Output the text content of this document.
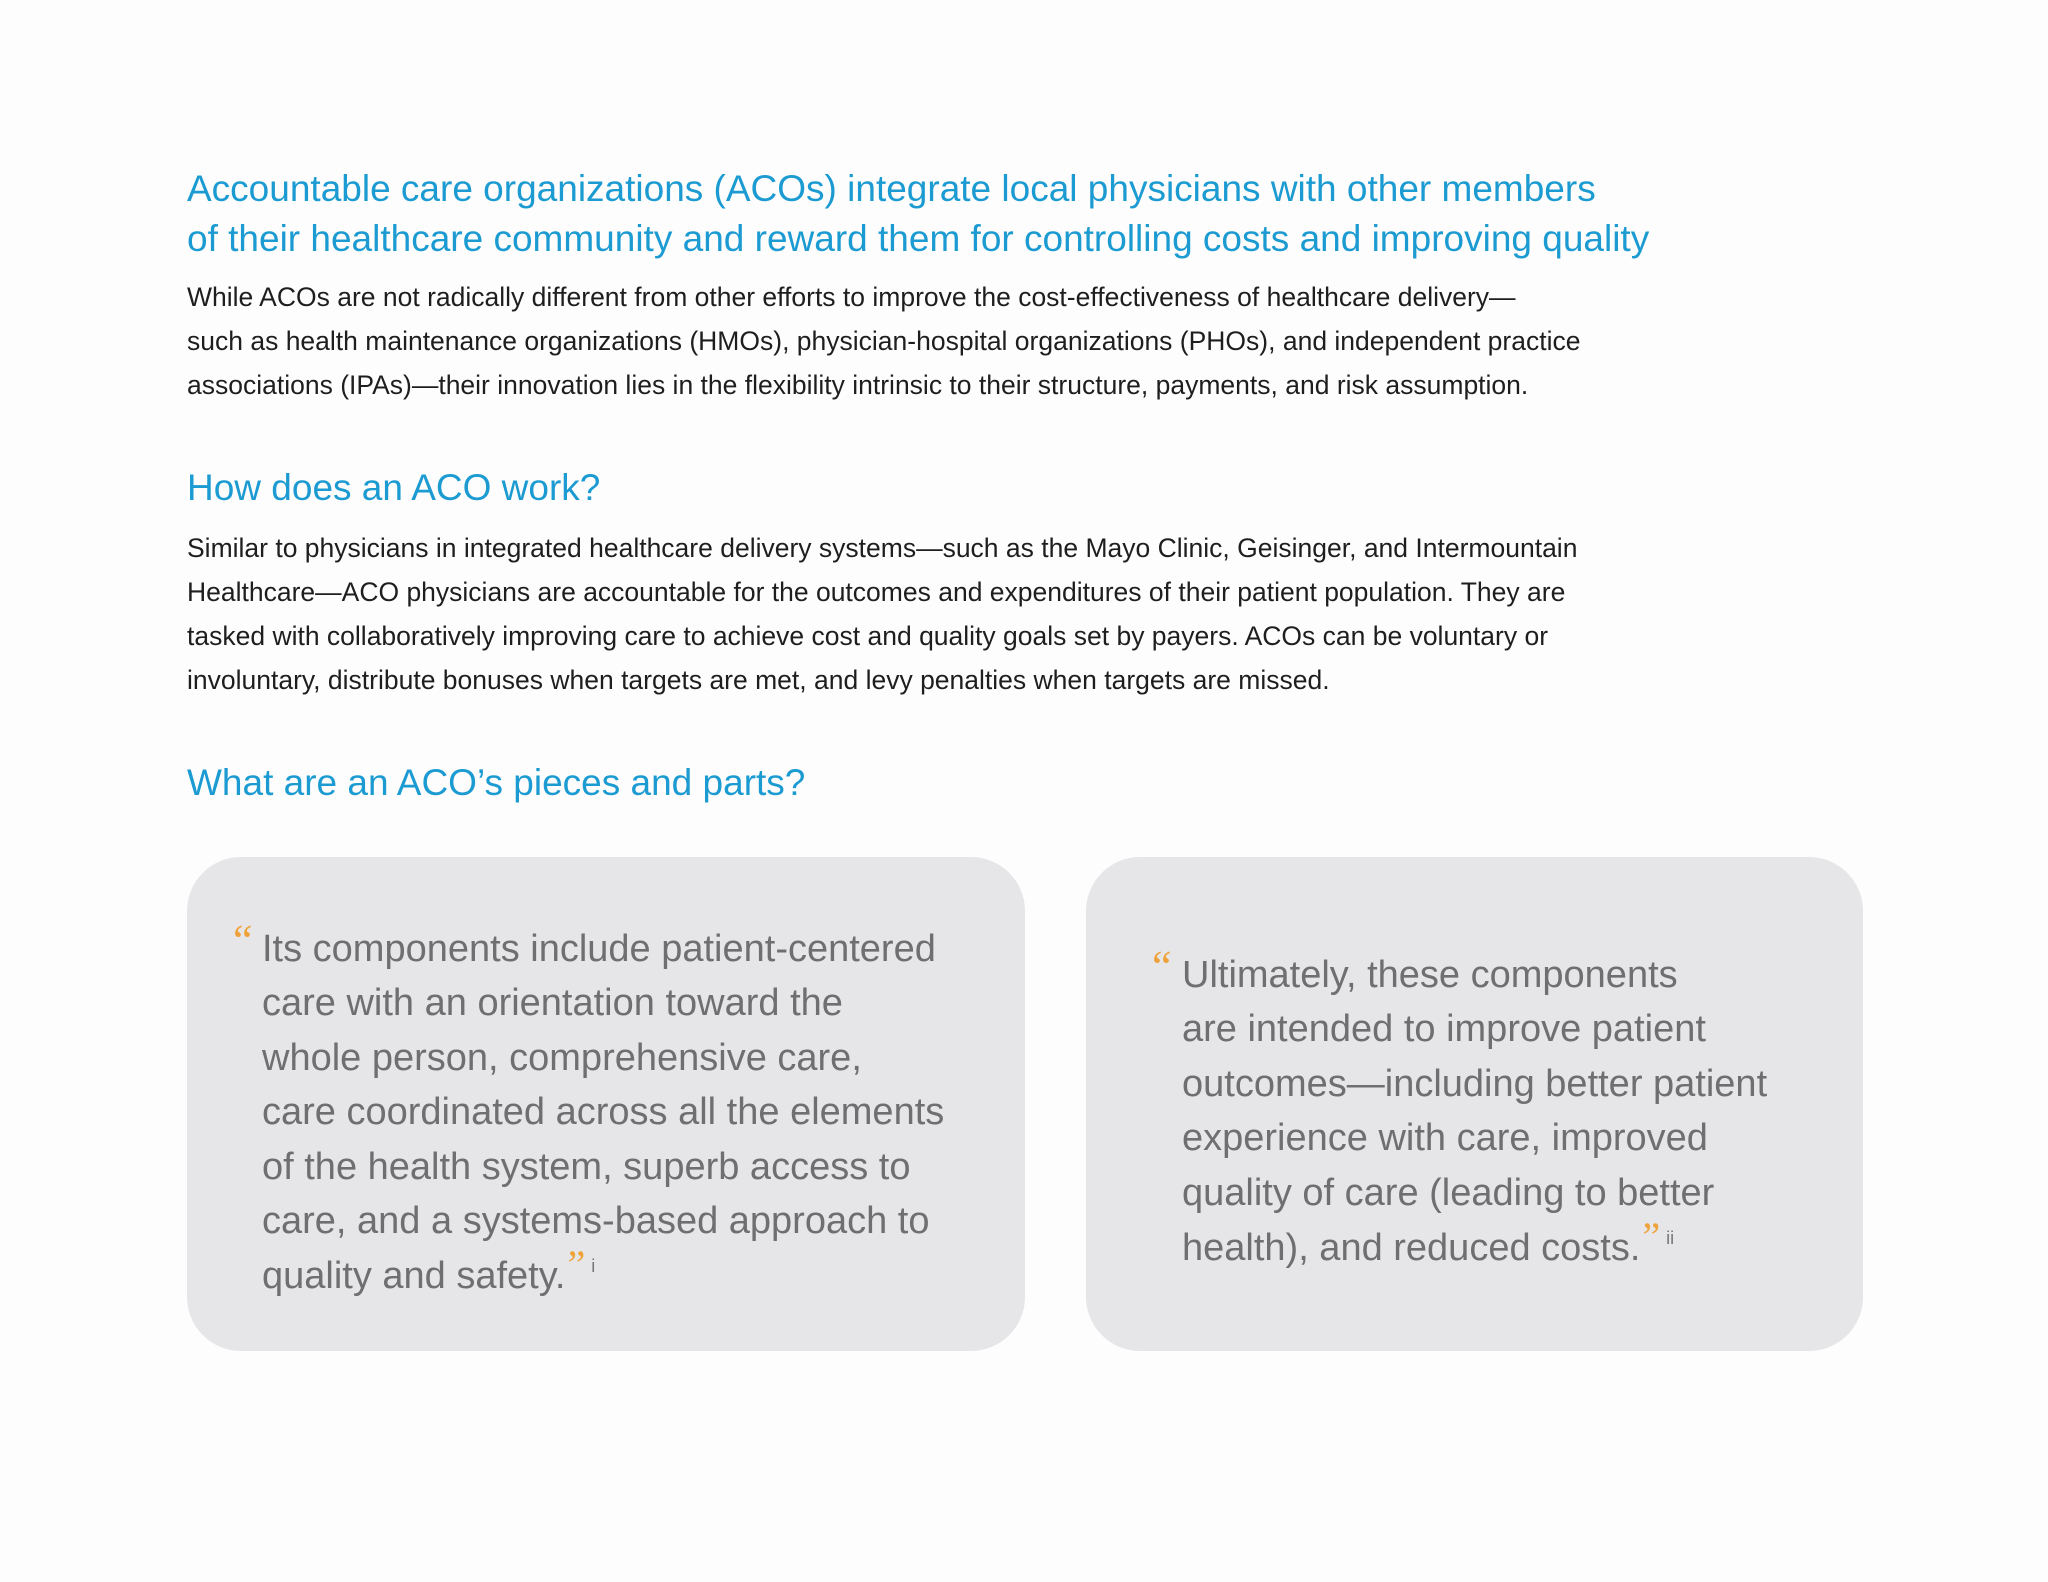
Accountable care organizations (ACOs) integrate local physicians with other members
of their healthcare community and reward them for controlling costs and improving quality

While ACOs are not radically different from other efforts to improve the cost-effectiveness of healthcare delivery—
such as health maintenance organizations (HMOs), physician-hospital organizations (PHOs), and independent practice
associations (IPAs)—their innovation lies in the flexibility intrinsic to their structure, payments, and risk assumption.

How does an ACO work?

Similar to physicians in integrated healthcare delivery systems—such as the Mayo Clinic, Geisinger, and Intermountain
Healthcare—ACO physicians are accountable for the outcomes and expenditures of their patient population. They are
tasked with collaboratively improving care to achieve cost and quality goals set by payers. ACOs can be voluntary or
involuntary, distribute bonuses when targets are met, and levy penalties when targets are missed.

What are an ACO’s pieces and parts?
“ Its components include patient-centered
care with an orientation toward the
whole person, comprehensive care,
care coordinated across all the elements
of the health system, superb access to
care, and a systems-based approach to
quality and safety.” $^i$
“ Ultimately, these components
are intended to improve patient
outcomes—including better patient
experience with care, improved
quality of care (leading to better
health), and reduced costs.” $^{ii}$
